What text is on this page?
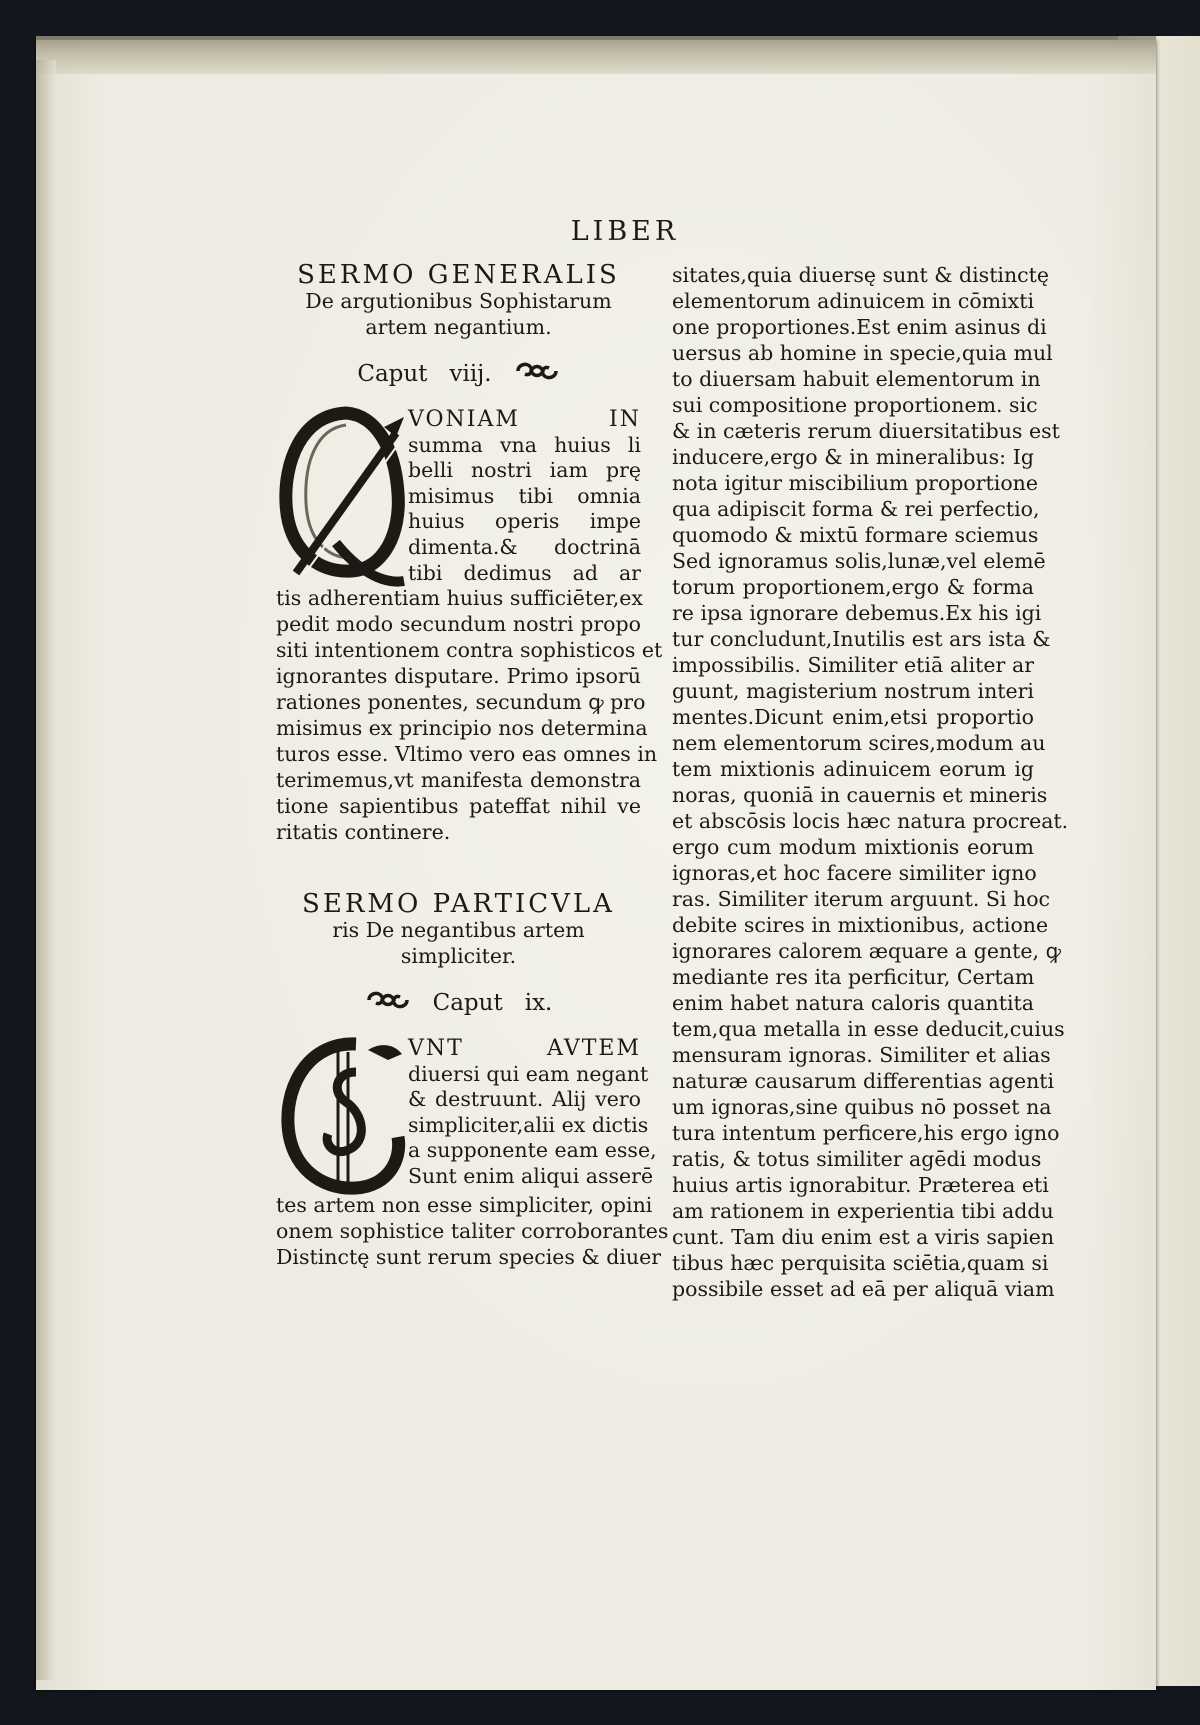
LIBER
SERMO GENERALIS
De argutionibus Sophistarum
artem negantium.
Caput viij.
VONIAM IN
summa vna huius li
belli nostri iam prę
misimus tibi omnia
huius operis impe
dimenta.& doctrinā
tibi dedimus ad ar
tis adherentiam huius sufficiēter,ex
pedit modo secundum nostri propo
siti intentionem contra sophisticos et
ignorantes disputare. Primo ipsorū
rationes ponentes, secundum ꝙ pro
misimus ex principio nos determina
turos esse. Vltimo vero eas omnes in
terimemus,vt manifesta demonstra
tione sapientibus pateffat nihil ve
ritatis continere.
SERMO PARTICVLA
ris De negantibus artem
simpliciter.
Caput ix.
VNT AVTEM
diuersi qui eam negant
& destruunt. Alij vero
simpliciter,alii ex dictis
a supponente eam esse,
Sunt enim aliqui asserē
tes artem non esse simpliciter, opini
onem sophistice taliter corroborantes
Distinctę sunt rerum species & diuer
sitates,quia diuersę sunt & distinctę
elementorum adinuicem in cōmixti
one proportiones.Est enim asinus di
uersus ab homine in specie,quia mul
to diuersam habuit elementorum in
sui compositione proportionem. sic
& in cæteris rerum diuersitatibus est
inducere,ergo & in mineralibus: Ig
nota igitur miscibilium proportione
qua adipiscit forma & rei perfectio,
quomodo & mixtū formare sciemus
Sed ignoramus solis,lunæ,vel elemē
torum proportionem,ergo & forma
re ipsa ignorare debemus.Ex his igi
tur concludunt,Inutilis est ars ista &
impossibilis. Similiter etiā aliter ar
guunt, magisterium nostrum interi
mentes.Dicunt enim,etsi proportio
nem elementorum scires,modum au
tem mixtionis adinuicem eorum ig
noras, quoniā in cauernis et mineris
et abscōsis locis hæc natura procreat.
ergo cum modum mixtionis eorum
ignoras,et hoc facere similiter igno
ras. Similiter iterum arguunt. Si hoc
debite scires in mixtionibus, actione
ignorares calorem æquare a gente, ꝙ
mediante res ita perficitur, Certam
enim habet natura caloris quantita
tem,qua metalla in esse deducit,cuius
mensuram ignoras. Similiter et alias
naturæ causarum differentias agenti
um ignoras,sine quibus nō posset na
tura intentum perficere,his ergo igno
ratis, & totus similiter agēdi modus
huius artis ignorabitur. Præterea eti
am rationem in experientia tibi addu
cunt. Tam diu enim est a viris sapien
tibus hæc perquisita sciētia,quam si
possibile esset ad eā per aliquā viam
